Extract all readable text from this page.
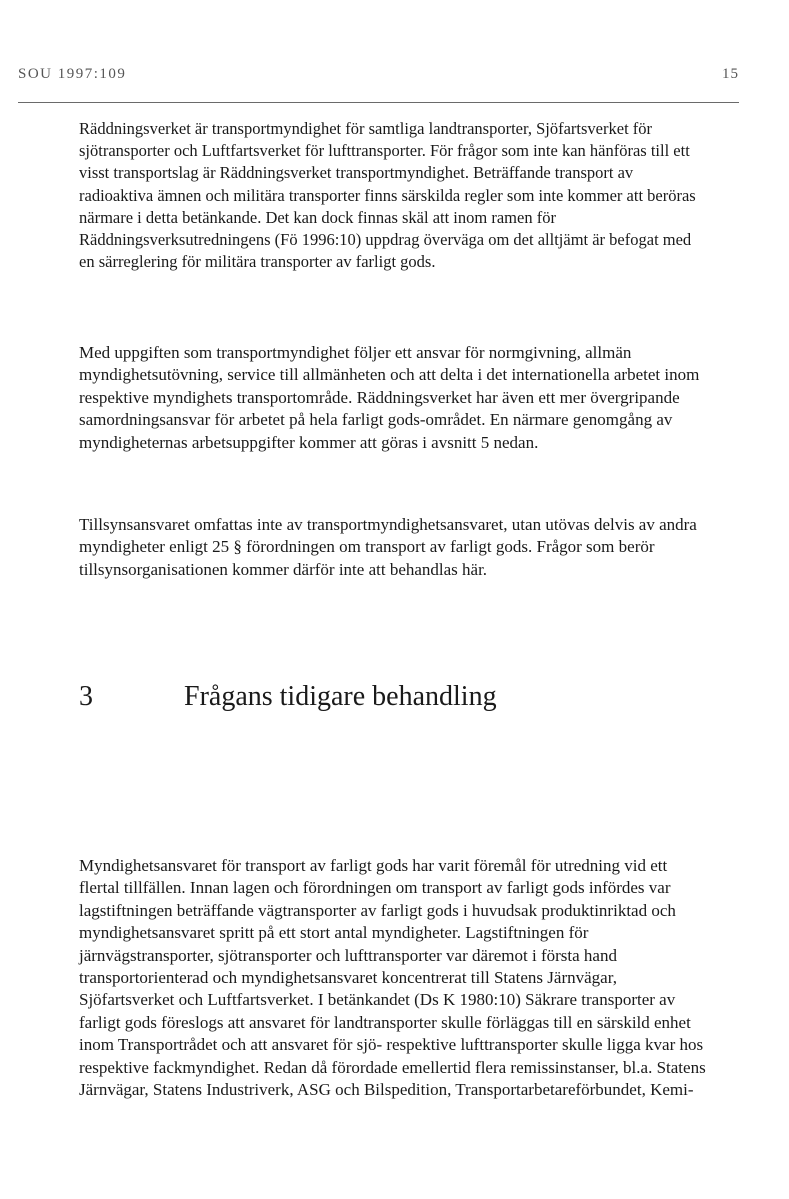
SOU 1997:109	15

Räddningsverket är transportmyndighet för samtliga landtransporter, Sjöfartsverket för sjötransporter och Luftfartsverket för lufttransporter. För frågor som inte kan hänföras till ett visst transportslag är Räddningsverket transportmyndighet. Beträffande transport av radioaktiva ämnen och militära transporter finns särskilda regler som inte kommer att beröras närmare i detta betänkande. Det kan dock finnas skäl att inom ramen för Räddningsverksutredningens (Fö 1996:10) uppdrag överväga om det alltjämt är befogat med en särreglering för militära transporter av farligt gods.

Med uppgiften som transportmyndighet följer ett ansvar för normgivning, allmän myndighetsutövning, service till allmänheten och att delta i det internationella arbetet inom respektive myndighets transportområde. Räddningsverket har även ett mer övergripande samordningsansvar för arbetet på hela farligt gods-området. En närmare genomgång av myndigheternas arbetsuppgifter kommer att göras i avsnitt 5 nedan.

Tillsynsansvaret omfattas inte av transportmyndighetsansvaret, utan utövas delvis av andra myndigheter enligt 25 § förordningen om transport av farligt gods. Frågor som berör tillsynsorganisationen kommer därför inte att behandlas här.

3	Frågans tidigare behandling

Myndighetsansvaret för transport av farligt gods har varit föremål för utredning vid ett flertal tillfällen. Innan lagen och förordningen om transport av farligt gods infördes var lagstiftningen beträffande vägtransporter av farligt gods i huvudsak produktinriktad och myndighetsansvaret spritt på ett stort antal myndigheter. Lagstiftningen för järnvägstransporter, sjötransporter och lufttransporter var däremot i första hand transportorienterad och myndighetsansvaret koncentrerat till Statens Järnvägar, Sjöfartsverket och Luftfartsverket. I betänkandet (Ds K 1980:10) Säkrare transporter av farligt gods föreslogs att ansvaret för landtransporter skulle förläggas till en särskild enhet inom Transportrådet och att ansvaret för sjö- respektive lufttransporter skulle ligga kvar hos respektive fackmyndighet. Redan då förordade emellertid flera remissinstanser, bl.a. Statens Järnvägar, Statens Industriverk, ASG och Bilspedition, Transportarbetareförbundet, Kemi-
